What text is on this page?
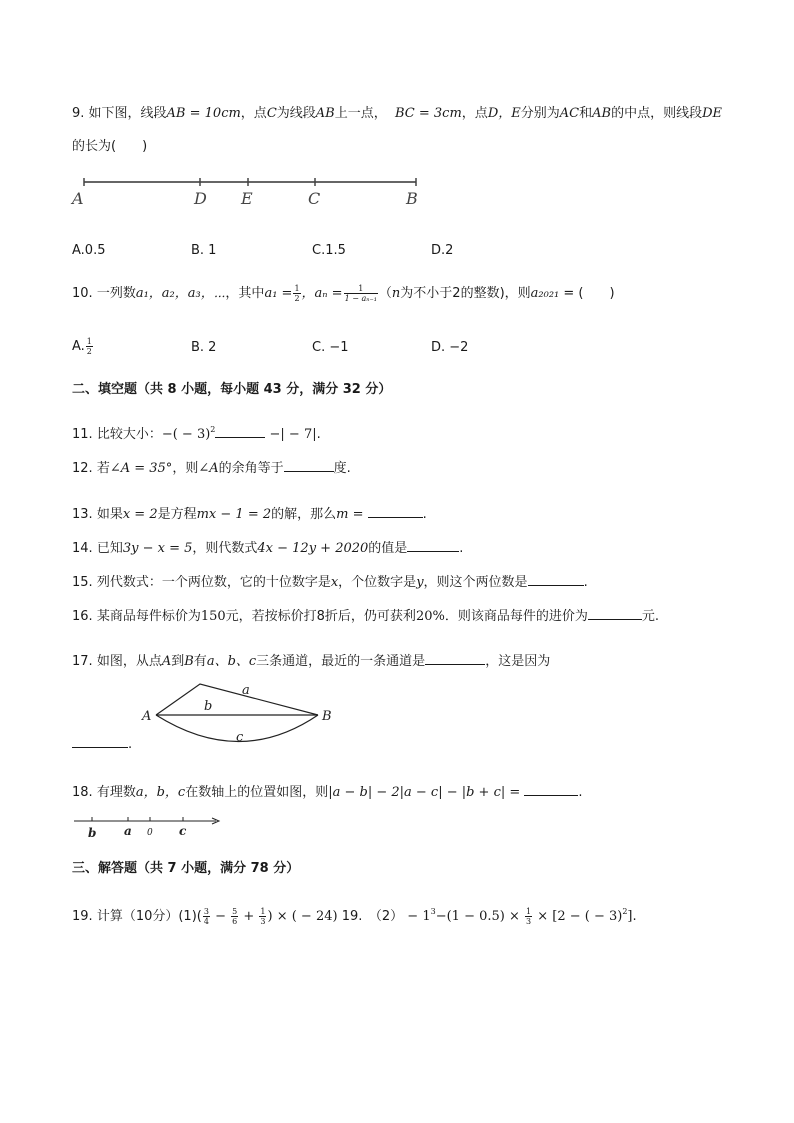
9. 如下图，线段AB = 10cm，点C为线段AB上一点， BC = 3cm，点D，E分别为AC和AB的中点，则线段DE
的长为(　　)
A	D E	C	B
A.0.5	B. 1	C.1.5	D.2
10. 一列数a₁，a₂，a₃，⋯，其中$a_1 = \frac{1}{2}$ ，$a_n = \frac{1}{\text{1 − aₙ₋₁}} (n$为不小于2的整数)，则a₂₀₂₁ = (　　)
A. $\frac{1}{2}$	B. 2	C. −1	D. −2
二、填空题（共 8 小题，每小题 43 分，满分 32 分）
11. 比较大小：−( − 3)$^2$	−| − 7|.
12. 若∠A = 35°，则∠A的余角等于	度.
13. 如果x = 2是方程mx − 1 = 2的解，那么m =	.
14. 已知3y − x = 5，则代数式4x − 12y + 2020的值是	.
15. 列代数式：一个两位数，它的十位数字是x，个位数字是y，则这个两位数是	.
16. 某商品每件标价为150元，若按标价打8折后，仍可获利20%．则该商品每件的进价为	元.
17. 如图，从点A到B有a、b、c三条通道，最近的一条通道是	，这是因为
A	B
a
b
c
.
18. 有理数a，b，c在数轴上的位置如图，则|a − b| − 2|a − c| − |b + c| =	.
b a 0 c
三、解答题（共 7 小题，满分 78 分）
19. 计算（10分）$(1)( \frac{3}{4} - \frac{5}{6} + \frac{1}{3}$ ) × ( − 24) 19.　$(2) - 1^3-(1 - 0.5) \times \frac{1}{3} \times [2$ − ( − 3)$^2$].
